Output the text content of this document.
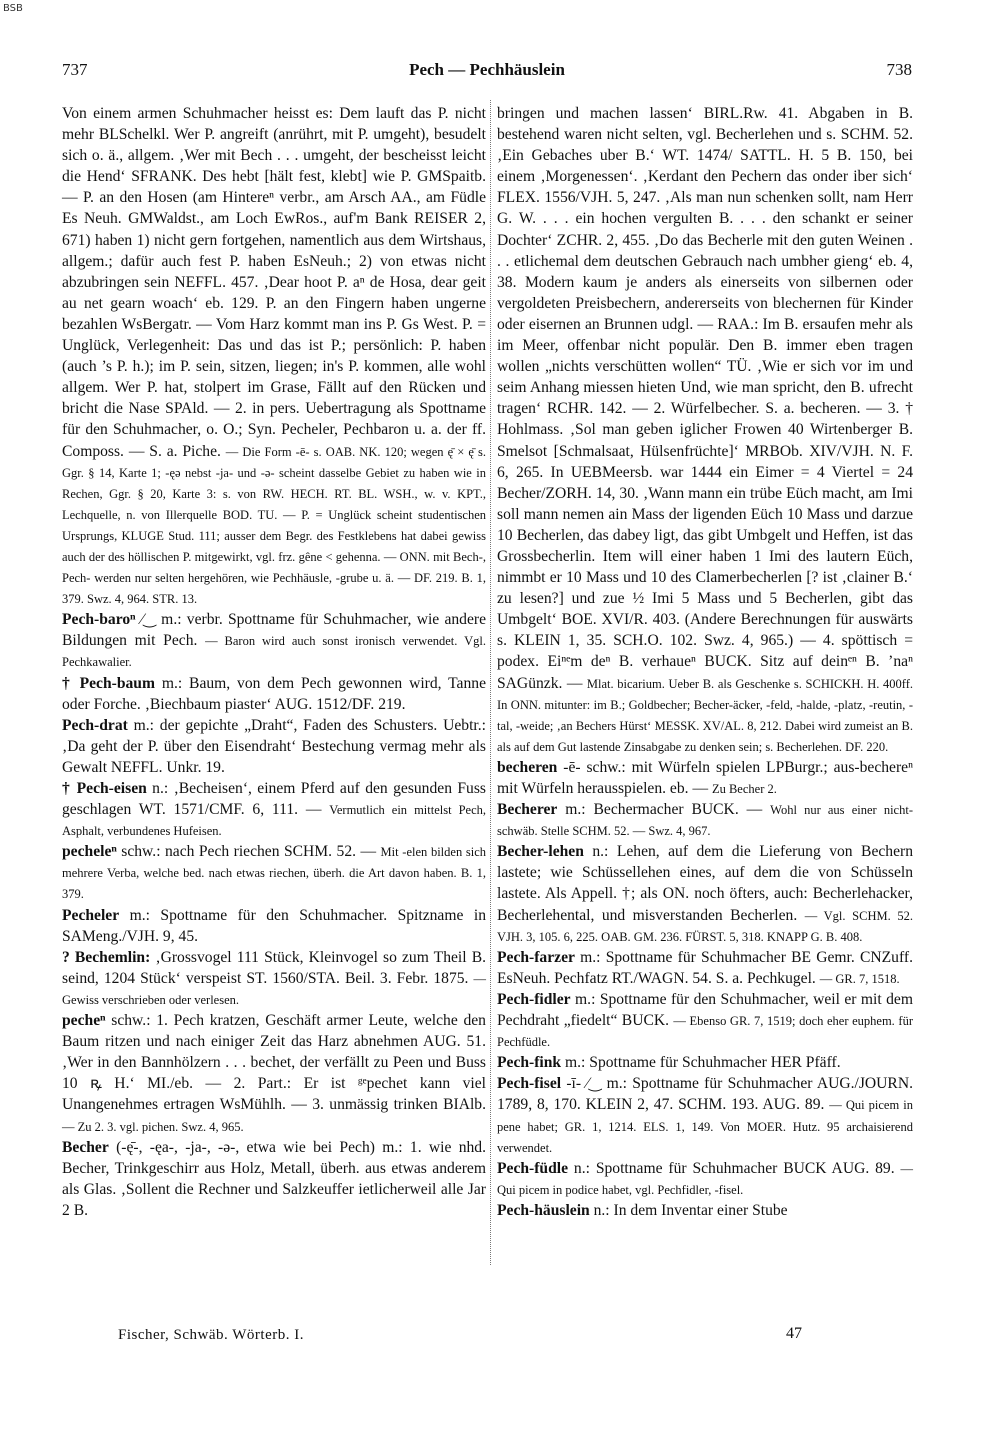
BSB
737	Pech — Pechhäuslein	738

Von einem armen Schuhmacher heisst es: Dem lauft das P. nicht mehr BLSchelkl. Wer P. angreift (anrührt, mit P. umgeht), besudelt sich o. ä., allgem. ‚Wer mit Bech . . . umgeht, der bescheisst leicht die Hend‘ SFRANK. Des hebt [hält fest, klebt] wie P. GMSpaitb. — P. an den Hosen (am Hintereⁿ verbr., am Arsch AA., am Füdle Es Neuh. GMWaldst., am Loch EwRos., auf'm Bank REISER 2, 671) haben 1) nicht gern fortgehen, namentlich aus dem Wirtshaus, allgem.; dafür auch fest P. haben EsNeuh.; 2) von etwas nicht abzubringen sein NEFFL. 457. ‚Dear hoot P. aⁿ de Hosa, dear geit au net gearn woach‘ eb. 129. P. an den Fingern haben ungerne bezahlen WsBergatr. — Vom Harz kommt man ins P. Gs West. P. = Unglück, Verlegenheit: Das und das ist P.; persönlich: P. haben (auch ’s P. h.); im P. sein, sitzen, liegen; in's P. kommen, alle wohl allgem. Wer P. hat, stolpert im Grase, Fällt auf den Rücken und bricht die Nase SPAld. — 2. in pers. Uebertragung als Spottname für den Schuhmacher, o. O.; Syn. Pecheler, Pechbaron u. a. der ff. Composs. — S. a. Piche. — Die Form -ē- s. OAB. NK. 120; wegen ę̄ × ę̄ s. Ggr. § 14, Karte 1; -ęə nebst -ja- und -ə- scheint dasselbe Gebiet zu haben wie in Rechen, Ggr. § 20, Karte 3: s. von RW. HECH. RT. BL. WSH., w. v. KPT., Lechquelle, n. von Illerquelle BOD. TU. — P. = Unglück scheint studentischen Ursprungs, KLUGE Stud. 111; ausser dem Begr. des Festklebens hat dabei gewiss auch der des höllischen P. mitgewirkt, vgl. frz. gêne < gehenna. — ONN. mit Bech-, Pech- werden nur selten hergehören, wie Pechhäusle, -grube u. ä. — DF. 219. B. 1, 379. Swz. 4, 964. STR. 13.

Pech-baroⁿ ⁄‿ m.: verbr. Spottname für Schuhmacher, wie andere Bildungen mit Pech. — Baron wird auch sonst ironisch verwendet. Vgl. Pechkawalier.

† Pech-baum m.: Baum, von dem Pech gewonnen wird, Tanne oder Forche. ‚Biechbaum piaster‘ AUG. 1512/DF. 219.

Pech-drat m.: der gepichte „Draht“, Faden des Schusters. Uebtr.: ‚Da geht der P. über den Eisendraht‘ Bestechung vermag mehr als Gewalt NEFFL. Unkr. 19.

† Pech-eisen n.: ‚Becheisen‘, einem Pferd auf den gesunden Fuss geschlagen WT. 1571/CMF. 6, 111. — Vermutlich ein mittelst Pech, Asphalt, verbundenes Hufeisen.

pecheleⁿ schw.: nach Pech riechen SCHM. 52. — Mit -elen bilden sich mehrere Verba, welche bed. nach etwas riechen, überh. die Art davon haben. B. 1, 379.

Pecheler m.: Spottname für den Schuhmacher. Spitzname in SAMeng./VJH. 9, 45.

? Bechemlin: ‚Grossvogel 111 Stück, Kleinvogel so zum Theil B. seind, 1204 Stück‘ verspeist ST. 1560/STA. Beil. 3. Febr. 1875. — Gewiss verschrieben oder verlesen.

pecheⁿ schw.: 1. Pech kratzen, Geschäft armer Leute, welche den Baum ritzen und nach einiger Zeit das Harz abnehmen AUG. 51. ‚Wer in den Bannhölzern . . . bechet, der verfällt zu Peen und Buss 10 ꝶ H.‘ MI./eb. — 2. Part.: Er ist ᵍᵉpechet kann viel Unangenehmes ertragen WsMühlh. — 3. unmässig trinken BIAlb. — Zu 2. 3. vgl. pichen. Swz. 4, 965.

Becher (-ę̄-, -ęa-, -ja-, -ə-, etwa wie bei Pech) m.: 1. wie nhd. Becher, Trinkgeschirr aus Holz, Metall, überh. aus etwas anderem als Glas. ‚Sollent die Rechner und Salzkeuffer ietlicherweil alle Jar 2 B.

bringen und machen lassen‘ BIRL.Rw. 41. Abgaben in B. bestehend waren nicht selten, vgl. Becherlehen und s. SCHM. 52. ‚Ein Gebaches uber B.‘ WT. 1474/ SATTL. H. 5 B. 150, bei einem ‚Morgenessen‘. ‚Kerdant den Pechern das onder iber sich‘ FLEX. 1556/VJH. 5, 247. ‚Als man nun schenken sollt, nam Herr G. W. . . . ein hochen vergulten B. . . . den schankt er seiner Dochter‘ ZCHR. 2, 455. ‚Do das Becherle mit den guten Weinen . . . etlichemal dem deutschen Gebrauch nach umbher gieng‘ eb. 4, 38. Modern kaum je anders als einerseits von silbernen oder vergoldeten Preisbechern, andererseits von blechernen für Kinder oder eisernen an Brunnen udgl. — RAA.: Im B. ersaufen mehr als im Meer, offenbar nicht populär. Den B. immer eben tragen wollen „nichts verschütten wollen“ TÜ. ‚Wie er sich vor im und seim Anhang miessen hieten Und, wie man spricht, den B. ufrecht tragen‘ RCHR. 142. — 2. Würfelbecher. S. a. becheren. — 3. † Hohlmass. ‚Sol man geben iglicher Frowen 40 Wirtenberger B. Smelsot [Schmalsaat, Hülsenfrüchte]‘ MRBOb. XIV/VJH. N. F. 6, 265. In UEBMeersb. war 1444 ein Eimer = 4 Viertel = 24 Becher/ZORH. 14, 30. ‚Wann mann ein trübe Eüch macht, am Imi soll mann nemen ain Mass der ligenden Eüch 10 Mass und darzue 10 Becherlen, das dabey ligt, das gibt Umbgelt und Heffen, ist das Grossbecherlin. Item will einer haben 1 Imi des lautern Eüch, nimmbt er 10 Mass und 10 des Clamerbecherlen [? ist ‚clainer B.‘ zu lesen?] und zue ½ Imi 5 Mass und 5 Becherlen, gibt das Umbgelt‘ BOE. XVI/R. 403. (Andere Berechnungen für auswärts s. KLEIN 1, 35. SCH.O. 102. Swz. 4, 965.) — 4. spöttisch = podex. Eiⁿᵉm deⁿ B. verhaueⁿ BUCK. Sitz auf deinᵉⁿ B. ’naⁿ SAGünzk. — Mlat. bicarium. Ueber B. als Geschenke s. SCHICKH. H. 400ff. In ONN. mitunter: im B.; Goldbecher; Becher-äcker, -feld, -halde, -platz, -reutin, -tal, -weide; ‚an Bechers Hürst‘ MESSK. XV/AL. 8, 212. Dabei wird zumeist an B. als auf dem Gut lastende Zinsabgabe zu denken sein; s. Becherlehen. DF. 220.

becheren -ē- schw.: mit Würfeln spielen LPBurgr.; aus-bechereⁿ mit Würfeln herausspielen. eb. — Zu Becher 2.

Becherer m.: Bechermacher BUCK. — Wohl nur aus einer nicht-schwäb. Stelle SCHM. 52. — Swz. 4, 967.

Becher-lehen n.: Lehen, auf dem die Lieferung von Bechern lastete; wie Schüssellehen eines, auf dem die von Schüsseln lastete. Als Appell. †; als ON. noch öfters, auch: Becherlehacker, Becherlehental, und misverstanden Becherlen. — Vgl. SCHM. 52. VJH. 3, 105. 6, 225. OAB. GM. 236. FÜRST. 5, 318. KNAPP G. B. 408.

Pech-farzer m.: Spottname für Schuhmacher BE Gemr. CNZuff. EsNeuh. Pechfatz RT./WAGN. 54. S. a. Pechkugel. — GR. 7, 1518.

Pech-fidler m.: Spottname für den Schuhmacher, weil er mit dem Pechdraht „fiedelt“ BUCK. — Ebenso GR. 7, 1519; doch eher euphem. für Pechfüdle.

Pech-fink m.: Spottname für Schuhmacher HER Pfäff.

Pech-fisel -ī- ⁄‿ m.: Spottname für Schuhmacher AUG./JOURN. 1789, 8, 170. KLEIN 2, 47. SCHM. 193. AUG. 89. — Qui picem in pene habet; GR. 1, 1214. ELS. 1, 149. Von MOER. Hutz. 95 archaisierend verwendet.

Pech-füdle n.: Spottname für Schuhmacher BUCK AUG. 89. — Qui picem in podice habet, vgl. Pechfidler, -fisel.

Pech-häuslein n.: In dem Inventar einer Stube

Fischer, Schwäb. Wörterb. I.	47
